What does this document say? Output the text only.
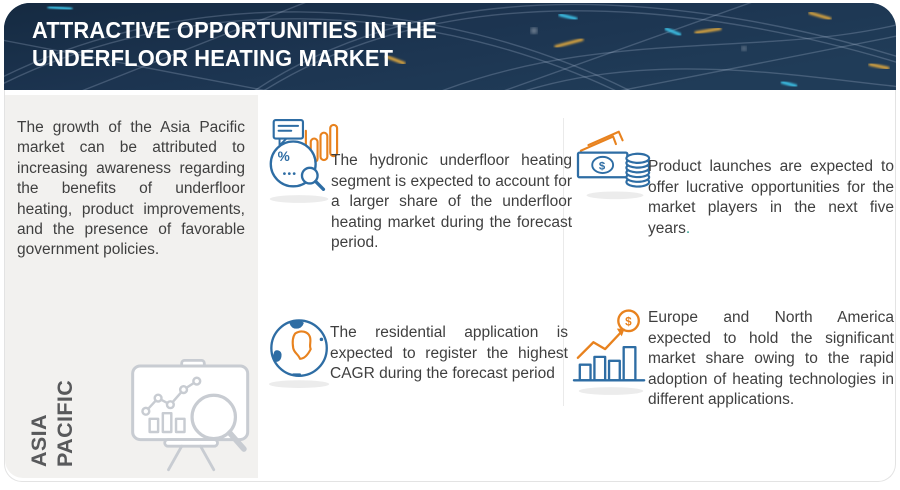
ATTRACTIVE OPPORTUNITIES IN THE
UNDERFLOOR HEATING MARKET
The growth of the Asia Pacific market can be attributed to increasing awareness regarding the benefits of underfloor heating, product improvements, and the presence of favorable government policies.
ASIA PACIFIC
%	The hydronic underfloor heating segment is expected to account for a larger share of the underfloor heating market during the forecast period.
$	Product launches are expected to offer lucrative opportunities for the market players in the next five years.
The residential application is expected to register the highest CAGR during the forecast period
$ Europe and North America expected to hold the significant market share owing to the rapid adoption of heating technologies in different applications.
